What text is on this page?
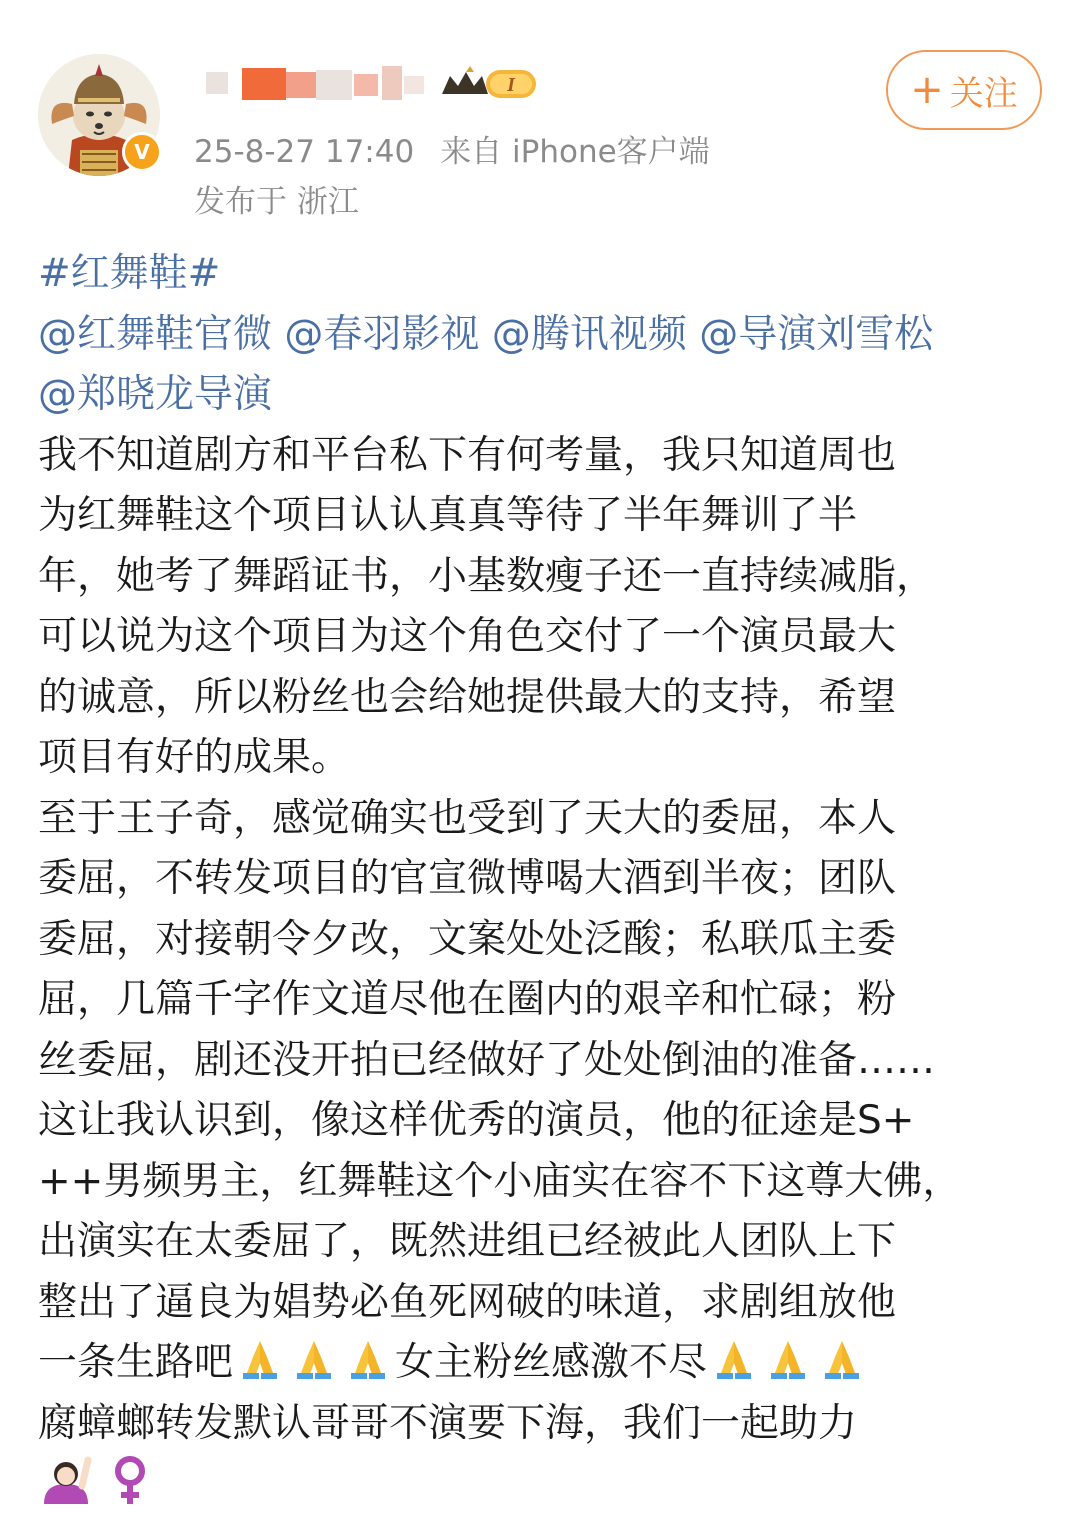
V
I
25-8-27 17:40 来自 iPhone客户端
发布于 浙江
+ 关注
#红舞鞋#
@红舞鞋官微 @春羽影视 @腾讯视频 @导演刘雪松
@郑晓龙导演
我不知道剧方和平台私下有何考量，我只知道周也
为红舞鞋这个项目认认真真等待了半年舞训了半
年，她考了舞蹈证书，小基数瘦子还一直持续减脂，
可以说为这个项目为这个角色交付了一个演员最大
的诚意，所以粉丝也会给她提供最大的支持，希望
项目有好的成果。
至于王子奇，感觉确实也受到了天大的委屈，本人
委屈，不转发项目的官宣微博喝大酒到半夜；团队
委屈，对接朝令夕改，文案处处泛酸；私联瓜主委
屈，几篇千字作文道尽他在圈内的艰辛和忙碌；粉
丝委屈，剧还没开拍已经做好了处处倒油的准备……
这让我认识到，像这样优秀的演员，他的征途是S+
++男频男主，红舞鞋这个小庙实在容不下这尊大佛，
出演实在太委屈了，既然进组已经被此人团队上下
整出了逼良为娼势必鱼死网破的味道，求剧组放他
一条生路吧	女主粉丝感激不尽
腐蟑螂转发默认哥哥不演要下海，我们一起助力
